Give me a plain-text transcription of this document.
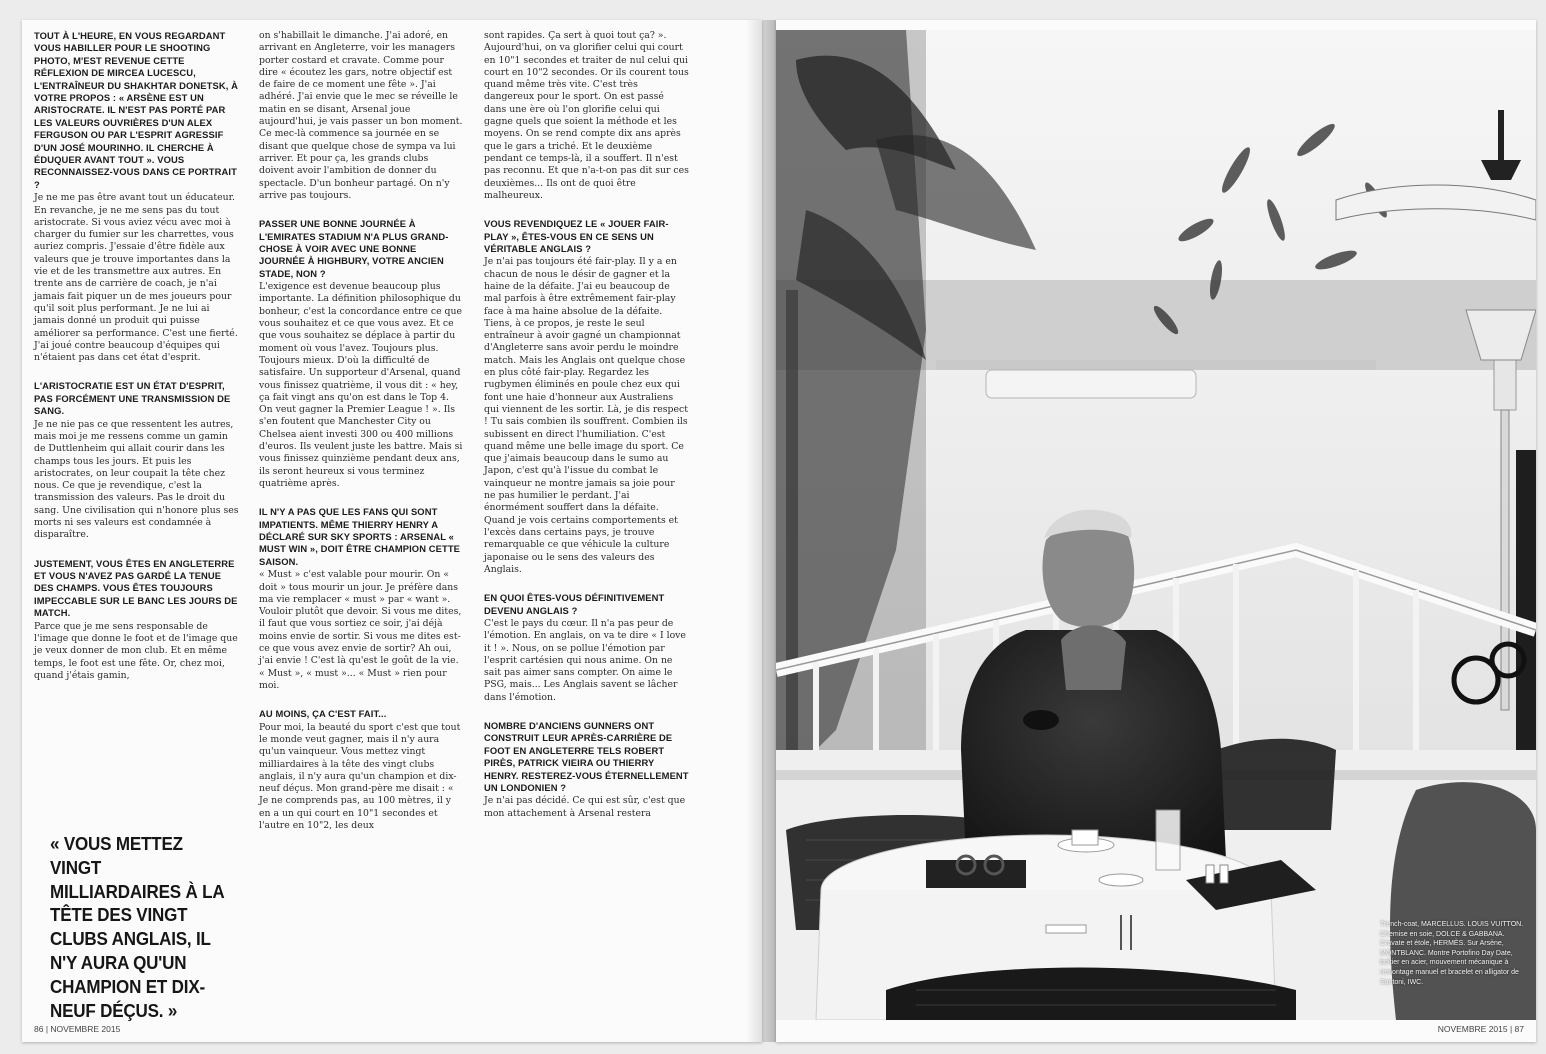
TOUT À L'HEURE, EN VOUS REGARDANT VOUS HABILLER POUR LE SHOOTING PHOTO, M'EST REVENUE CETTE RÉFLEXION DE MIRCEA LUCESCU, L'ENTRAÎNEUR DU SHAKHTAR DONETSK, À VOTRE PROPOS : « ARSÈNE EST UN ARISTOCRATE. IL N'EST PAS PORTÉ PAR LES VALEURS OUVRIÈRES D'UN ALEX FERGUSON OU PAR L'ESPRIT AGRESSIF D'UN JOSÉ MOURINHO. IL CHERCHE À ÉDUQUER AVANT TOUT ». VOUS RECONNAISSEZ-VOUS DANS CE PORTRAIT ?
Je ne me pas être avant tout un éducateur. En revanche, je ne me sens pas du tout aristocrate. Si vous aviez vécu avec moi à charger du fumier sur les charrettes, vous auriez compris. J'essaie d'être fidèle aux valeurs que je trouve importantes dans la vie et de les transmettre aux autres. En trente ans de carrière de coach, je n'ai jamais fait piquer un de mes joueurs pour qu'il soit plus performant. Je ne lui ai jamais donné un produit qui puisse améliorer sa performance. C'est une fierté. J'ai joué contre beaucoup d'équipes qui n'étaient pas dans cet état d'esprit.
L'ARISTOCRATIE EST UN ÉTAT D'ESPRIT, PAS FORCÉMENT UNE TRANSMISSION DE SANG.
Je ne nie pas ce que ressentent les autres, mais moi je me ressens comme un gamin de Duttlenheim qui allait courir dans les champs tous les jours. Et puis les aristocrates, on leur coupait la tête chez nous. Ce que je revendique, c'est la transmission des valeurs. Pas le droit du sang. Une civilisation qui n'honore plus ses morts ni ses valeurs est condamnée à disparaître.
JUSTEMENT, VOUS ÊTES EN ANGLETERRE ET VOUS N'AVEZ PAS GARDÉ LA TENUE DES CHAMPS. VOUS ÊTES TOUJOURS IMPECCABLE SUR LE BANC LES JOURS DE MATCH.
Parce que je me sens responsable de l'image que donne le foot et de l'image que je veux donner de mon club. Et en même temps, le foot est une fête. Or, chez moi, quand j'étais gamin,
on s'habillait le dimanche. J'ai adoré, en arrivant en Angleterre, voir les managers porter costard et cravate. Comme pour dire « écoutez les gars, notre objectif est de faire de ce moment une fête ». J'ai adhéré. J'ai envie que le mec se réveille le matin en se disant, Arsenal joue aujourd'hui, je vais passer un bon moment. Ce mec-là commence sa journée en se disant que quelque chose de sympa va lui arriver. Et pour ça, les grands clubs doivent avoir l'ambition de donner du spectacle. D'un bonheur partagé. On n'y arrive pas toujours.
PASSER UNE BONNE JOURNÉE À L'EMIRATES STADIUM N'A PLUS GRAND-CHOSE À VOIR AVEC UNE BONNE JOURNÉE À HIGHBURY, VOTRE ANCIEN STADE, NON ?
L'exigence est devenue beaucoup plus importante. La définition philosophique du bonheur, c'est la concordance entre ce que vous souhaitez et ce que vous avez. Et ce que vous souhaitez se déplace à partir du moment où vous l'avez. Toujours plus. Toujours mieux. D'où la difficulté de satisfaire. Un supporteur d'Arsenal, quand vous finissez quatrième, il vous dit : « hey, ça fait vingt ans qu'on est dans le Top 4. On veut gagner la Premier League ! ». Ils s'en foutent que Manchester City ou Chelsea aient investi 300 ou 400 millions d'euros. Ils veulent juste les battre. Mais si vous finissez quinzième pendant deux ans, ils seront heureux si vous terminez quatrième après.
IL N'Y A PAS QUE LES FANS QUI SONT IMPATIENTS. MÊME THIERRY HENRY A DÉCLARÉ SUR SKY SPORTS : ARSENAL « MUST WIN », DOIT ÊTRE CHAMPION CETTE SAISON.
« Must » c'est valable pour mourir. On « doit » tous mourir un jour. Je préfère dans ma vie remplacer « must » par « want ». Vouloir plutôt que devoir. Si vous me dites, il faut que vous sortiez ce soir, j'ai déjà moins envie de sortir. Si vous me dites est-ce que vous avez envie de sortir? Ah oui, j'ai envie ! C'est là qu'est le goût de la vie. « Must », « must »... « Must » rien pour moi.
AU MOINS, ÇA C'EST FAIT...
Pour moi, la beauté du sport c'est que tout le monde veut gagner, mais il n'y aura qu'un vainqueur. Vous mettez vingt milliardaires à la tête des vingt clubs anglais, il n'y aura qu'un champion et dix-neuf déçus. Mon grand-père me disait : « Je ne comprends pas, au 100 mètres, il y en a un qui court en 10"1 secondes et l'autre en 10"2, les deux
sont rapides. Ça sert à quoi tout ça? ». Aujourd'hui, on va glorifier celui qui court en 10"1 secondes et traiter de nul celui qui court en 10"2 secondes. Or ils courent tous quand même très vite. C'est très dangereux pour le sport. On est passé dans une ère où l'on glorifie celui qui gagne quels que soient la méthode et les moyens. On se rend compte dix ans après que le gars a triché. Et le deuxième pendant ce temps-là, il a souffert. Il n'est pas reconnu. Et que n'a-t-on pas dit sur ces deuxièmes... Ils ont de quoi être malheureux.
VOUS REVENDIQUEZ LE « JOUER FAIR-PLAY », ÊTES-VOUS EN CE SENS UN VÉRITABLE ANGLAIS ?
Je n'ai pas toujours été fair-play. Il y a en chacun de nous le désir de gagner et la haine de la défaite. J'ai eu beaucoup de mal parfois à être extrêmement fair-play face à ma haine absolue de la défaite. Tiens, à ce propos, je reste le seul entraîneur à avoir gagné un championnat d'Angleterre sans avoir perdu le moindre match. Mais les Anglais ont quelque chose en plus côté fair-play. Regardez les rugbymen éliminés en poule chez eux qui font une haie d'honneur aux Australiens qui viennent de les sortir. Là, je dis respect ! Tu sais combien ils souffrent. Combien ils subissent en direct l'humiliation. C'est quand même une belle image du sport. Ce que j'aimais beaucoup dans le sumo au Japon, c'est qu'à l'issue du combat le vainqueur ne montre jamais sa joie pour ne pas humilier le perdant. J'ai énormément souffert dans la défaite. Quand je vois certains comportements et l'excès dans certains pays, je trouve remarquable ce que véhicule la culture japonaise ou le sens des valeurs des Anglais.
EN QUOI ÊTES-VOUS DÉFINITIVEMENT DEVENU ANGLAIS ?
C'est le pays du cœur. Il n'a pas peur de l'émotion. En anglais, on va te dire « I love it ! ». Nous, on se pollue l'émotion par l'esprit cartésien qui nous anime. On ne sait pas aimer sans compter. On aime le PSG, mais... Les Anglais savent se lâcher dans l'émotion.
NOMBRE D'ANCIENS GUNNERS ONT CONSTRUIT LEUR APRÈS-CARRIÈRE DE FOOT EN ANGLETERRE TELS ROBERT PIRÈS, PATRICK VIEIRA OU THIERRY HENRY. RESTEREZ-VOUS ÉTERNELLEMENT UN LONDONIEN ?
Je n'ai pas décidé. Ce qui est sûr, c'est que mon attachement à Arsenal restera
« VOUS METTEZ VINGT MILLIARDAIRES À LA TÊTE DES VINGT CLUBS ANGLAIS, IL N'Y AURA QU'UN CHAMPION ET DIX-NEUF DÉÇUS. »
86 | NOVEMBRE 2015
Trench-coat, MARCELLUS. LOUIS VUITTON. Chemise en soie, DOLCE & GABBANA. Cravate et étole, HERMÈS. Sur Arsène, MONTBLANC. Montre Portofino Day Date, boîtier en acier, mouvement mécanique à remontage manuel et bracelet en alligator de Santoni, IWC.
NOVEMBRE 2015 | 87
